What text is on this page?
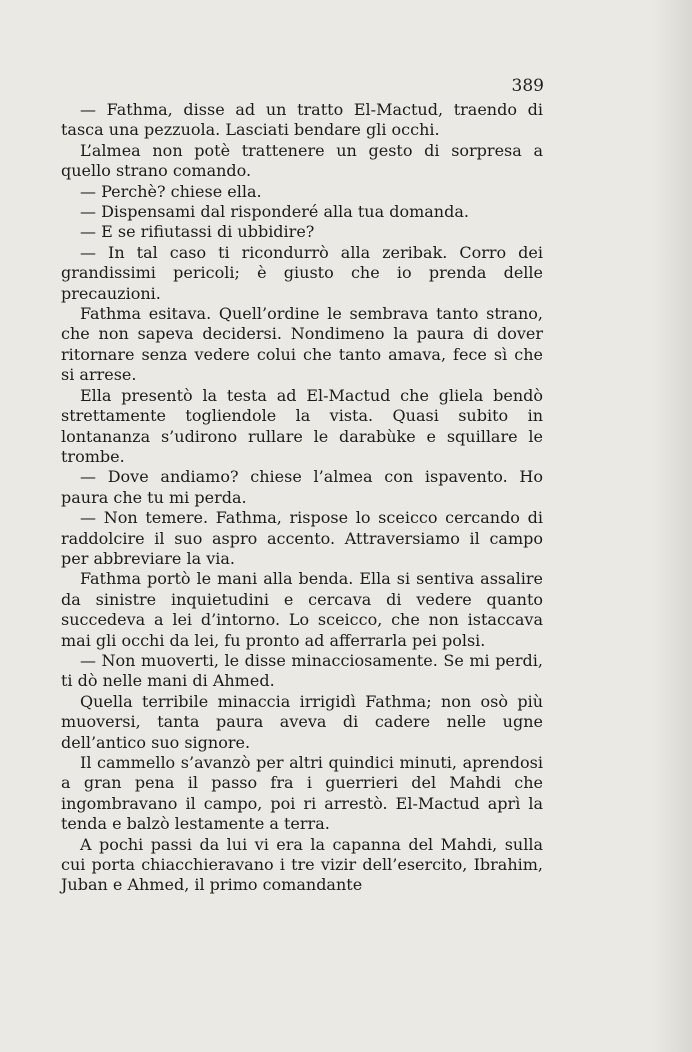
389

— Fathma, disse ad un tratto El-Mactud, traendo di tasca una pezzuola. Lasciati bendare gli occhi.

L’almea non potè trattenere un gesto di sorpresa a quello strano comando.

— Perchè? chiese ella.

— Dispensami dal risponderé alla tua domanda.

— E se rifiutassi di ubbidire?

— In tal caso ti ricondurrò alla zeribak. Corro dei grandissimi pericoli; è giusto che io prenda delle precauzioni.

Fathma esitava. Quell’ordine le sembrava tanto strano, che non sapeva decidersi. Nondimeno la paura di dover ritornare senza vedere colui che tanto amava, fece sì che si arrese.

Ella presentò la testa ad El-Mactud che gliela bendò strettamente togliendole la vista. Quasi subito in lontananza s’udirono rullare le darabùke e squillare le trombe.

— Dove andiamo? chiese l’almea con ispavento. Ho paura che tu mi perda.

— Non temere. Fathma, rispose lo sceicco cercando di raddolcire il suo aspro accento. Attraversiamo il campo per abbreviare la via.

Fathma portò le mani alla benda. Ella si sentiva assalire da sinistre inquietudini e cercava di vedere quanto succedeva a lei d’intorno. Lo sceicco, che non istaccava mai gli occhi da lei, fu pronto ad afferrarla pei polsi.

— Non muoverti, le disse minacciosamente. Se mi perdi, ti dò nelle mani di Ahmed.

Quella terribile minaccia irrigidì Fathma; non osò più muoversi, tanta paura aveva di cadere nelle ugne dell’antico suo signore.

Il cammello s’avanzò per altri quindici minuti, aprendosi a gran pena il passo fra i guerrieri del Mahdi che ingombravano il campo, poi ri arrestò. El-Mactud aprì la tenda e balzò lestamente a terra.

A pochi passi da lui vi era la capanna del Mahdi, sulla cui porta chiacchieravano i tre vizir dell’esercito, Ibrahim, Juban e Ahmed, il primo comandante
